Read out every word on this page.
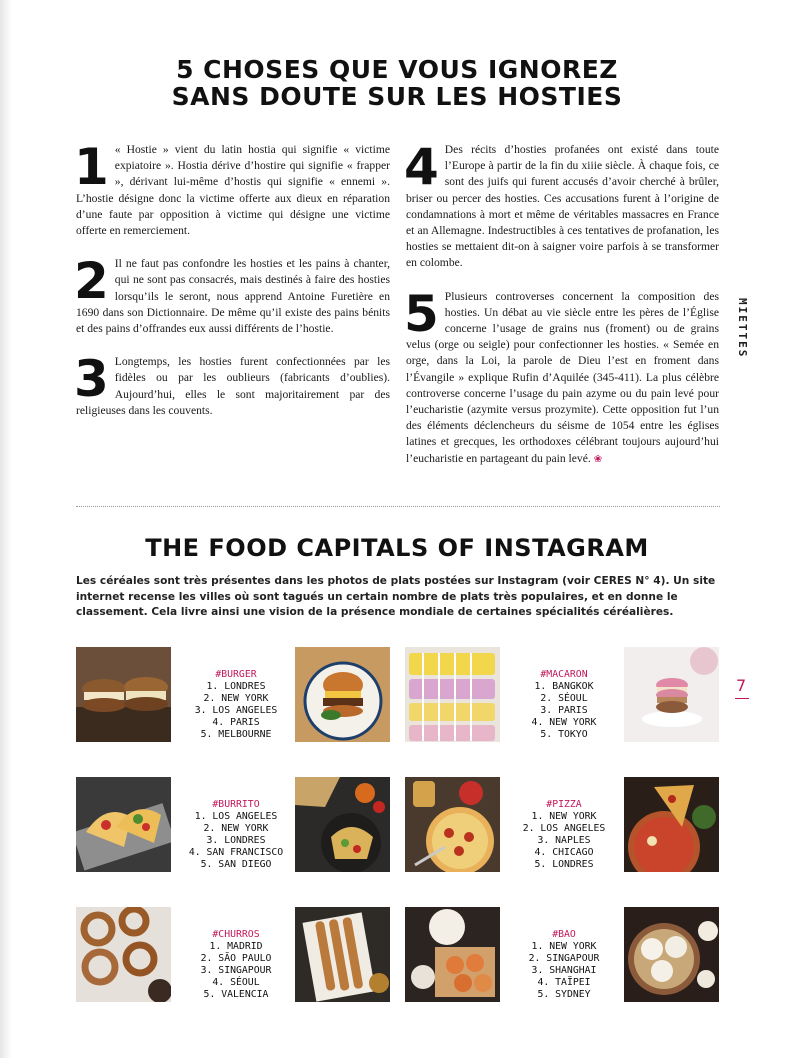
5 CHOSES QUE VOUS IGNOREZ
SANS DOUTE SUR LES HOSTIES
1 « Hostie » vient du latin hostia qui signifie « victime expiatoire ». Hostia dérive d’hostire qui signifie « frapper », dérivant lui-même d’hostis qui signifie « ennemi ». L’hostie désigne donc la victime offerte aux dieux en réparation d’une faute par opposition à victime qui désigne une victime offerte en remerciement.

2 Il ne faut pas confondre les hosties et les pains à chanter, qui ne sont pas consacrés, mais destinés à faire des hosties lorsqu’ils le seront, nous apprend Antoine Furetière en 1690 dans son Dictionnaire. De même qu’il existe des pains bénits et des pains d’offrandes eux aussi différents de l’hostie.

3 Longtemps, les hosties furent confectionnées par les fidèles ou par les oublieurs (fabricants d’oublies). Aujourd’hui, elles le sont majoritairement par des religieuses dans les couvents.

4 Des récits d’hosties profanées ont existé dans toute l’Europe à partir de la fin du xiiie siècle. À chaque fois, ce sont des juifs qui furent accusés d’avoir cherché à brûler, briser ou percer des hosties. Ces accusations furent à l’origine de condamnations à mort et même de véritables massacres en France et an Allemagne. Indestructibles à ces tentatives de profanation, les hosties se mettaient dit-on à saigner voire parfois à se transformer en colombe.

5 Plusieurs controverses concernent la composition des hosties. Un débat au vie siècle entre les pères de l’Église concerne l’usage de grains nus (froment) ou de grains velus (orge ou seigle) pour confectionner les hosties. « Semée en orge, dans la Loi, la parole de Dieu l’est en froment dans l’Évangile » explique Rufin d’Aquilée (345-411). La plus célèbre controverse concerne l’usage du pain azyme ou du pain levé pour l’eucharistie (azymite versus prozymite). Cette opposition fut l’un des éléments déclencheurs du séisme de 1054 entre les églises latines et grecques, les orthodoxes célébrant toujours aujourd’hui l’eucharistie en partageant du pain levé. ❀
MIETTES
7
THE FOOD CAPITALS OF INSTAGRAM

Les céréales sont très présentes dans les photos de plats postées sur Instagram (voir CERES N° 4). Un site internet recense les villes où sont tagués un certain nombre de plats très populaires, et en donne le classement. Cela livre ainsi une vision de la présence mondiale de certaines spécialités céréalières.

#BURGER
1. LONDRES
2. NEW YORK
3. LOS ANGELES
4. PARIS
5. MELBOURNE
#MACARON
1. BANGKOK
2. SÉOUL
3. PARIS
4. NEW YORK
5. TOKYO
#BURRITO
1. LOS ANGELES
2. NEW YORK
3. LONDRES
4. SAN FRANCISCO
5. SAN DIEGO
#PIZZA
1. NEW YORK
2. LOS ANGELES
3. NAPLES
4. CHICAGO
5. LONDRES
#CHURROS
1. MADRID
2. SÃO PAULO
3. SINGAPOUR
4. SÉOUL
5. VALENCIA
#BAO
1. NEW YORK
2. SINGAPOUR
3. SHANGHAI
4. TAÏPEI
5. SYDNEY
